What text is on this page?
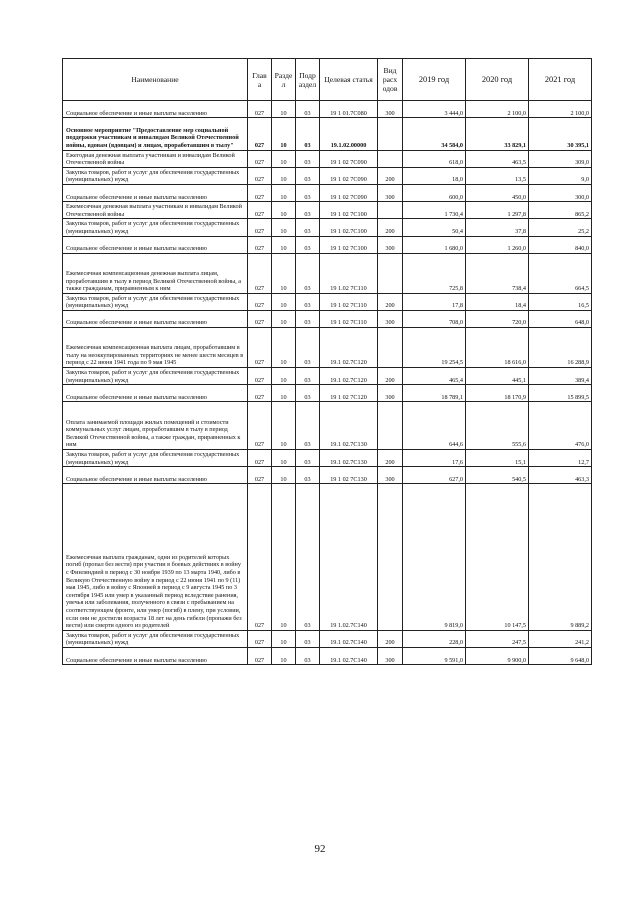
Наименование	Глав а	Разде л	Подр аздел	Целевая статья	Вид расх одов	2019 год	2020 год	2021 год
Социальное обеспечение и иные выплаты населению	027	10	03	19 1 01.7С080	300	3 444,0	2 100,0	2 100,0
Основное мероприятие "Предоставление мер социальной поддержки участникам и инвалидам Великой Отечественной войны, вдовам (вдовцам) и лицам, проработавшим в тылу"	027	10	03	19.1.02.00000		34 584,0	33 829,1	30 395,1
Ежегодная денежная выплата участникам и инвалидам Великой Отечественной войны	027	10	03	19 1 02 7С090		618,0	463,5	309,0
Закупка товаров, работ и услуг для обеспечения государственных (муниципальных) нужд	027	10	03	19 1 02 7С090	200	18,0	13,5	9,0
Социальное обеспечение и иные выплаты населению	027	10	03	19 1 02 7С090	300	600,0	450,0	300,0
Ежемесячная денежная выплата участникам и инвалидам Великой Отечественной войны	027	10	03	19 1 02 7С100		1 730,4	1 297,8	865,2
Закупка товаров, работ и услуг для обеспечения государственных (муниципальных) нужд	027	10	03	19 1 02.7С100	200	50,4	37,8	25,2
Социальное обеспечение и иные выплаты населению	027	10	03	19 1 02 7С100	300	1 680,0	1 260,0	840,0
Ежемесячная компенсационная денежная выплата лицам, проработавшим в тылу в период Великой Отечественной войны, а также гражданам, приравненным к ним	027	10	03	19 1.02 7С110		725,8	738,4	664,5
Закупка товаров, работ и услуг для обеспечения государственных (муниципальных) нужд	027	10	03	19 1 02 7С110	200	17,8	18,4	16,5
Социальное обеспечение и иные выплаты населению	027	10	03	19 1 02 7С110	300	708,0	720,0	648,0
Ежемесячная компенсационная выплата лицам, проработавшим в тылу на неоккупированных территориях не менее шести месяцев в период с 22 июня 1941 года по 9 мая 1945	027	10	03	19.1 02.7С120		19 254,5	18 616,0	16 288,9
Закупка товаров, работ и услуг для обеспечения государственных (муниципальных) нужд	027	10	03	19.1 02.7С120	200	465,4	445,1	389,4
Социальное обеспечение и иные выплаты населению	027	10	03	19 1 02 7С120	300	18 789,1	18 170,9	15 899,5
Оплата занимаемой площади жилых помещений и стоимости коммунальных услуг лицам, проработавшим в тылу в период Великой Отечественной войны, а также граждан, приравненных к ним	027	10	03	19.1 02.7С130		644,6	555,6	476,0
Закупка товаров, работ и услуг для обеспечения государственных (муниципальных) нужд	027	10	03	19.1 02.7С130	200	17,6	15,1	12,7
Социальное обеспечение и иные выплаты населению	027	10	03	19 1 02 7С130	300	627,0	540,5	463,3
Ежемесячная выплата гражданам, одни из родителей которых погиб (пропал без вести) при участии в боевых действиях в войну с Финляндией в период с 30 ноября 1939 по 13 марта 1940, либо в Великую Отечественную войну в период с 22 июня 1941 по 9 (11) мая 1945, либо в войну с Японией в период с 9 августа 1945 по 3 сентября 1945 или умер в указанный период вследствие ранения, увечья или заболевания, полученного в связи с пребыванием на соответствующем фронте, или умер (погиб) в плену, при условии, если они не достигли возраста 18 лет на день гибели (пропажи без вести) или смерти одного из родителей	027	10	03	19 1.02.7С140		9 819,0	10 147,5	9 889,2
Закупка товаров, работ и услуг для обеспечения государственных (муниципальных) нужд	027	10	03	19.1 02.7С140	200	228,0	247,5	241,2
Социальное обеспечение и иные выплаты населению	027	10	03	19.1 02.7С140	300	9 591,0	9 900,0	9 648,0
92
